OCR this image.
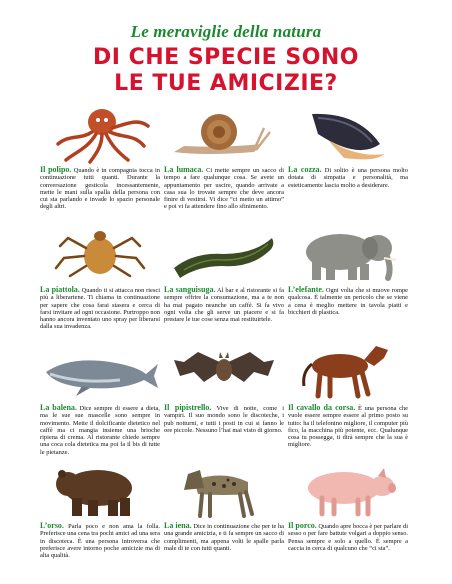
Le meraviglie della natura
DI CHE SPECIE SONO
LE TUE AMICIZIE?
Il polipo. Quando è in compagnia tocca in continuazione tutti quanti. Durante la conversazione gesticola incessantemente, mette le mani sulla spalla della persona con cui sta parlando e invade lo spazio personale degli altri.
La lumaca. Ci mette sempre un sacco di tempo a fare qualunque cosa. Se avete un appuntamento per uscire, quando arrivate a casa sua lo trovate sempre che deve ancora finire di vestirsi. Vi dice “ci metto un attimo” e poi vi fa attendere fino allo sfinimento.
La cozza. Di solito è una persona molto dotata di simpatia e personalità, ma esteticamente lascia molto a desiderare.
La piattola. Quando ti si attacca non riesci più a liberartene. Ti chiama in continuazione per sapere che cosa farai stasera e cerca di farsi invitare ad ogni occasione. Purtroppo non hanno ancora inventato uno spray per liberarsi dalla sua invadenza.
La sanguisuga. Al bar e al ristorante si fa sempre offrire la consumazione, ma a te non ha mai pagato neanche un caffè. Si fa vivo ogni volta che gli serve un piacere e si fa prestare le tue cose senza mai restituirtele.
L’elefante. Ogni volta che si muove rompe qualcosa. È talmente un pericolo che se viene a cena è meglio mettere in tavola piatti e bicchieri di plastica.
La balena. Dice sempre di essere a dieta, ma le sue sue mascelle sono sempre in movimento. Mette il dolcificante dietetico nel caffè ma ci mangia insieme una brioche ripiena di crema. Al ristorante chiede sempre una coca cola dietetica ma poi fa il bis di tutte le pietanze.
Il pipistrello. Vive di notte, come i vampiri. Il suo mondo sono le discoteche, i pub notturni, e tutti i posti in cui si fanno le ore piccole. Nessuno l’hai mai visto di giorno.
Il cavallo da corsa. È una persona che vuole essere sempre essere al primo posto su tutto: ha il telefonino migliore, il computer più fico, la macchina più potente, ecc. Qualunque cosa tu possegga, ti dirà sempre che la sua è migliore.
L’orso. Parla poco e non ama la folla. Preferisce una cena tra pochi amici ad una sera in discoteca. È una persona introversa che preferisce avere intorno poche amicizie ma di alta qualità.
La iena. Dice in continuazione che per te ha una grande amicizia, e ti fa sempre un sacco di complimenti, ma appena volti le spalle parla male di te con tutti quanti.
Il porco. Quando apre bocca è per parlare di sesso o per fare battute volgari a doppio senso. Pensa sempre e solo a quello. È sempre a caccia in cerca di qualcuno che “ci sta”.
